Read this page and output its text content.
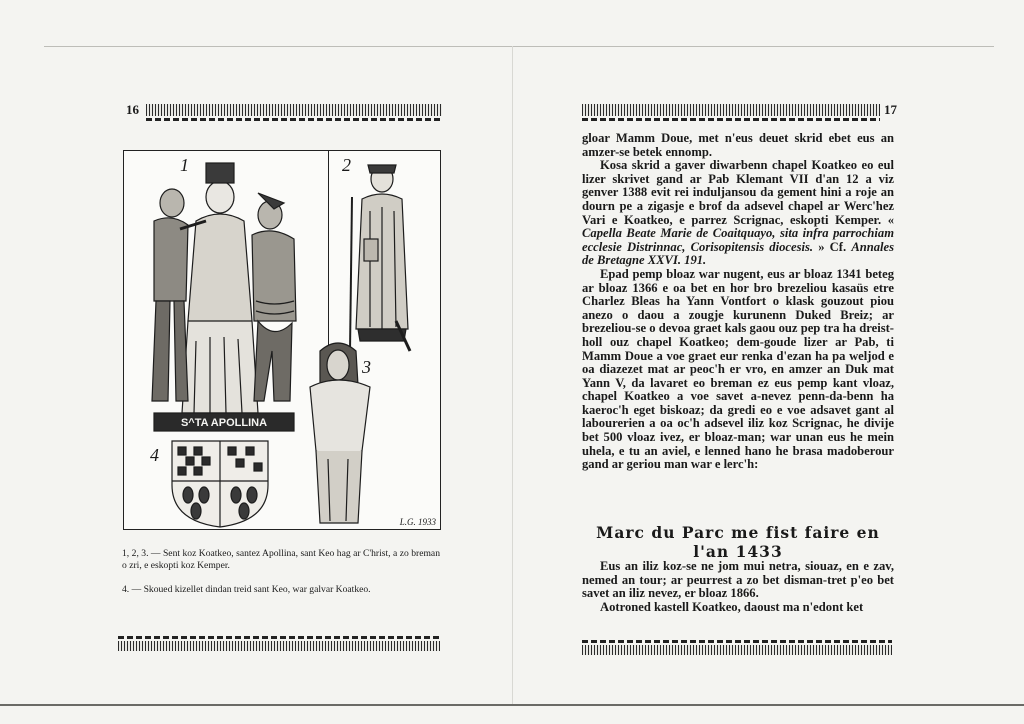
16
1	2
3
4
S^TA APOLLINA
L.G. 1933

1, 2, 3. — Sent koz Koatkeo, santez Apollina, sant Keo hag ar C'hrist, a zo breman o zri, e eskopti koz Kemper.

4. — Skoued kizellet dindan treid sant Keo, war galvar Koatkeo.

17

gloar Mamm Doue, met n'eus deuet skrid ebet eus an amzer-se betek ennomp.

Kosa skrid a gaver diwarbenn chapel Koatkeo eo eul lizer skrivet gand ar Pab Klemant VII d'an 12 a viz genver 1388 evit rei induljansou da gement hini a roje an dourn pe a zigasje e brof da adsevel chapel ar Werc'hez Vari e Koatkeo, e parrez Scrignac, eskopti Kemper. « Capella Beate Marie de Coaitquayo, sita infra parrochiam ecclesie Distrinnac, Corisopitensis diocesis. » Cf. Annales de Bretagne XXVI. 191.

Epad pemp bloaz war nugent, eus ar bloaz 1341 beteg ar bloaz 1366 e oa bet en hor bro brezeliou kasaüs etre Charlez Bleas ha Yann Vontfort o klask gouzout piou anezo o daou a zougje kurunenn Duked Breiz; ar brezeliou-se o devoa graet kals gaou ouz pep tra ha dreist-holl ouz chapel Koatkeo; dem-goude lizer ar Pab, ti Mamm Doue a voe graet eur renka d'ezan ha pa weljod e oa diazezet mat ar peoc'h er vro, en amzer an Duk mat Yann V, da lavaret eo breman ez eus pemp kant vloaz, chapel Koatkeo a voe savet a-nevez penn-da-benn ha kaeroc'h eget biskoaz; da gredi eo e voe adsavet gant al labourerien a oa oc'h adsevel iliz koz Scrignac, he divije bet 500 vloaz ivez, er bloaz-man; war unan eus he mein uhela, e tu an aviel, e lenned hano he brasa madoberour gand ar geriou man war e lerc'h:

Marc du Parc me fist faire en l'an 1433

Eus an iliz koz-se ne jom mui netra, siouaz, en e zav, nemed an tour; ar peurrest a zo bet disman-tret p'eo bet savet an iliz nevez, er bloaz 1866.

Aotroned kastell Koatkeo, daoust ma n'edont ket
